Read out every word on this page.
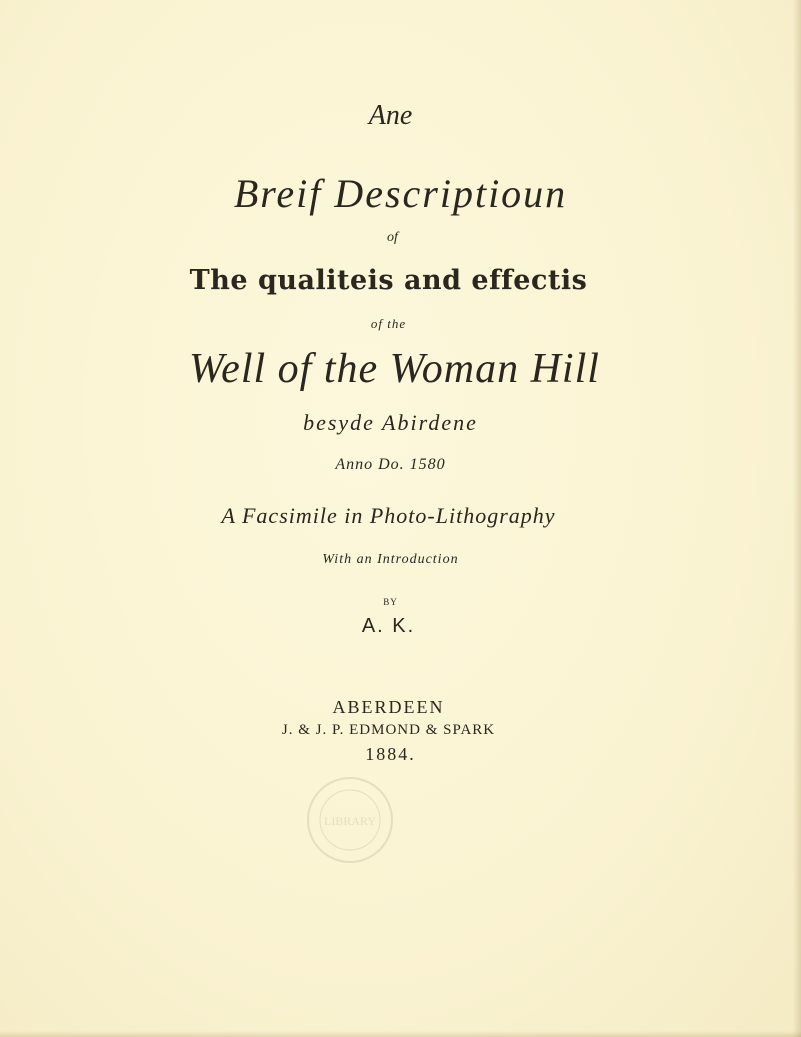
Ane
Breif Descriptioun
of
The qualiteis and effectis
of the
Well of the Woman Hill
besyde Abirdene
Anno Do. 1580
A Facsimile in Photo-Lithography
With an Introduction
BY
A. K.
ABERDEEN
J. & J. P. EDMOND & SPARK
1884.
LIBRARY
